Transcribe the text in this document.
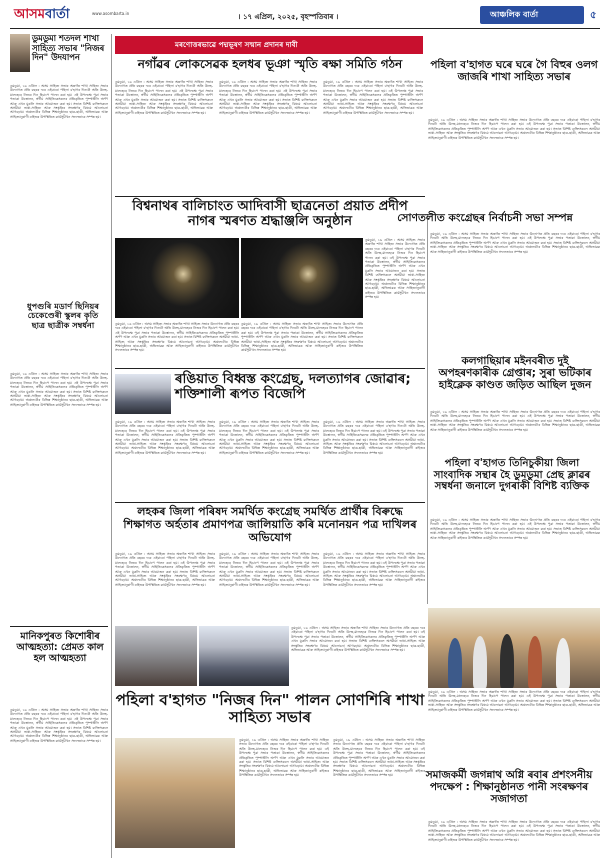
আসমবাৰ্তা	www.asombarta.in	। ১৭ এপ্ৰিল, ২০২৫, বৃহস্পতিবাৰ ।	আঞ্চলিক বাৰ্তা	৫
ডুমডুমা শতদল শাখা সাহিত্য সভাৰ "নিজৰ দিন" উদযাপন
ডুমডুমা, ১৬ এপ্ৰিল : অসম সাহিত্য সভাৰ অন্তৰ্গত শাখা সাহিত্য সভাৰ উদ্যোগত প্ৰতি বছৰৰ দৰে এইবাৰো পহিলা ব'হাগৰ দিনটো অতি উলহ-মালহেৰে নিজৰ দিন হিচাপে পালন কৰা হয়। এই উপলক্ষে পুৱা সভাৰ পতাকা উত্তোলন, স্বৰ্গীয় সাহিত্যিকসকলৰ প্ৰতিকৃতিত পুষ্পাঞ্জলি অৰ্পণ আৰু এখন মুকলি সভাৰ আয়োজন কৰা হয়। সভাত বিশিষ্ট ব্যক্তিসকলে অসমীয়া ভাষা-সাহিত্য আৰু সংস্কৃতিৰ সংৰক্ষণৰ বিষয়ে আলোচনা আগবঢ়ায়। অঞ্চলটোৰ বিভিন্ন শিক্ষানুষ্ঠানৰ ছাত্ৰ-ছাত্ৰী, অভিভাৱক আৰু সাহিত্যানুৰাগী ৰাইজৰ উপস্থিতিত কাৰ্যসূচীখন সফলতাৰে সম্পন্ন হয়।
ধুপগুৰি মডাৰ্ণ ছিনিয়ৰ চেকেণ্ডেৰী স্কুলৰ কৃতি ছাত্ৰ ছাত্ৰীক সম্বৰ্ধনা
ডুমডুমা, ১৬ এপ্ৰিল : অসম সাহিত্য সভাৰ অন্তৰ্গত শাখা সাহিত্য সভাৰ উদ্যোগত প্ৰতি বছৰৰ দৰে এইবাৰো পহিলা ব'হাগৰ দিনটো অতি উলহ-মালহেৰে নিজৰ দিন হিচাপে পালন কৰা হয়। এই উপলক্ষে পুৱা সভাৰ পতাকা উত্তোলন, স্বৰ্গীয় সাহিত্যিকসকলৰ প্ৰতিকৃতিত পুষ্পাঞ্জলি অৰ্পণ আৰু এখন মুকলি সভাৰ আয়োজন কৰা হয়। সভাত বিশিষ্ট ব্যক্তিসকলে অসমীয়া ভাষা-সাহিত্য আৰু সংস্কৃতিৰ সংৰক্ষণৰ বিষয়ে আলোচনা আগবঢ়ায়। অঞ্চলটোৰ বিভিন্ন শিক্ষানুষ্ঠানৰ ছাত্ৰ-ছাত্ৰী, অভিভাৱক আৰু সাহিত্যানুৰাগী ৰাইজৰ উপস্থিতিত কাৰ্যসূচীখন সফলতাৰে সম্পন্ন হয়।
মানিকপুৰত কিশোৰীৰ আত্মহত্যা: প্ৰেমত কাল হল আত্মহত্যা
ডুমডুমা, ১৬ এপ্ৰিল : অসম সাহিত্য সভাৰ অন্তৰ্গত শাখা সাহিত্য সভাৰ উদ্যোগত প্ৰতি বছৰৰ দৰে এইবাৰো পহিলা ব'হাগৰ দিনটো অতি উলহ-মালহেৰে নিজৰ দিন হিচাপে পালন কৰা হয়। এই উপলক্ষে পুৱা সভাৰ পতাকা উত্তোলন, স্বৰ্গীয় সাহিত্যিকসকলৰ প্ৰতিকৃতিত পুষ্পাঞ্জলি অৰ্পণ আৰু এখন মুকলি সভাৰ আয়োজন কৰা হয়। সভাত বিশিষ্ট ব্যক্তিসকলে অসমীয়া ভাষা-সাহিত্য আৰু সংস্কৃতিৰ সংৰক্ষণৰ বিষয়ে আলোচনা আগবঢ়ায়। অঞ্চলটোৰ বিভিন্ন শিক্ষানুষ্ঠানৰ ছাত্ৰ-ছাত্ৰী, অভিভাৱক আৰু সাহিত্যানুৰাগী ৰাইজৰ উপস্থিতিত কাৰ্যসূচীখন সফলতাৰে সম্পন্ন হয়।
মৰণোত্তৰভাৱে পদ্মভূষণ সন্মান প্ৰদানৰ দাবী
নগাঁৱৰ লোকসেৱক হলধৰ ভূঞা স্মৃতি ৰক্ষা সমিতি গঠন
ডুমডুমা, ১৬ এপ্ৰিল : অসম সাহিত্য সভাৰ অন্তৰ্গত শাখা সাহিত্য সভাৰ উদ্যোগত প্ৰতি বছৰৰ দৰে এইবাৰো পহিলা ব'হাগৰ দিনটো অতি উলহ-মালহেৰে নিজৰ দিন হিচাপে পালন কৰা হয়। এই উপলক্ষে পুৱা সভাৰ পতাকা উত্তোলন, স্বৰ্গীয় সাহিত্যিকসকলৰ প্ৰতিকৃতিত পুষ্পাঞ্জলি অৰ্পণ আৰু এখন মুকলি সভাৰ আয়োজন কৰা হয়। সভাত বিশিষ্ট ব্যক্তিসকলে অসমীয়া ভাষা-সাহিত্য আৰু সংস্কৃতিৰ সংৰক্ষণৰ বিষয়ে আলোচনা আগবঢ়ায়। অঞ্চলটোৰ বিভিন্ন শিক্ষানুষ্ঠানৰ ছাত্ৰ-ছাত্ৰী, অভিভাৱক আৰু সাহিত্যানুৰাগী ৰাইজৰ উপস্থিতিত কাৰ্যসূচীখন সফলতাৰে সম্পন্ন হয়।
ডুমডুমা, ১৬ এপ্ৰিল : অসম সাহিত্য সভাৰ অন্তৰ্গত শাখা সাহিত্য সভাৰ উদ্যোগত প্ৰতি বছৰৰ দৰে এইবাৰো পহিলা ব'হাগৰ দিনটো অতি উলহ-মালহেৰে নিজৰ দিন হিচাপে পালন কৰা হয়। এই উপলক্ষে পুৱা সভাৰ পতাকা উত্তোলন, স্বৰ্গীয় সাহিত্যিকসকলৰ প্ৰতিকৃতিত পুষ্পাঞ্জলি অৰ্পণ আৰু এখন মুকলি সভাৰ আয়োজন কৰা হয়। সভাত বিশিষ্ট ব্যক্তিসকলে অসমীয়া ভাষা-সাহিত্য আৰু সংস্কৃতিৰ সংৰক্ষণৰ বিষয়ে আলোচনা আগবঢ়ায়। অঞ্চলটোৰ বিভিন্ন শিক্ষানুষ্ঠানৰ ছাত্ৰ-ছাত্ৰী, অভিভাৱক আৰু সাহিত্যানুৰাগী ৰাইজৰ উপস্থিতিত কাৰ্যসূচীখন সফলতাৰে সম্পন্ন হয়।
ডুমডুমা, ১৬ এপ্ৰিল : অসম সাহিত্য সভাৰ অন্তৰ্গত শাখা সাহিত্য সভাৰ উদ্যোগত প্ৰতি বছৰৰ দৰে এইবাৰো পহিলা ব'হাগৰ দিনটো অতি উলহ-মালহেৰে নিজৰ দিন হিচাপে পালন কৰা হয়। এই উপলক্ষে পুৱা সভাৰ পতাকা উত্তোলন, স্বৰ্গীয় সাহিত্যিকসকলৰ প্ৰতিকৃতিত পুষ্পাঞ্জলি অৰ্পণ আৰু এখন মুকলি সভাৰ আয়োজন কৰা হয়। সভাত বিশিষ্ট ব্যক্তিসকলে অসমীয়া ভাষা-সাহিত্য আৰু সংস্কৃতিৰ সংৰক্ষণৰ বিষয়ে আলোচনা আগবঢ়ায়। অঞ্চলটোৰ বিভিন্ন শিক্ষানুষ্ঠানৰ ছাত্ৰ-ছাত্ৰী, অভিভাৱক আৰু সাহিত্যানুৰাগী ৰাইজৰ উপস্থিতিত কাৰ্যসূচীখন সফলতাৰে সম্পন্ন হয়।
পহিলা ব'হাগত ঘৰে ঘৰে গৈ বিহুৰ ওলগ জাজৰি শাখা সাহিত্য সভাৰ
ডুমডুমা, ১৬ এপ্ৰিল : অসম সাহিত্য সভাৰ অন্তৰ্গত শাখা সাহিত্য সভাৰ উদ্যোগত প্ৰতি বছৰৰ দৰে এইবাৰো পহিলা ব'হাগৰ দিনটো অতি উলহ-মালহেৰে নিজৰ দিন হিচাপে পালন কৰা হয়। এই উপলক্ষে পুৱা সভাৰ পতাকা উত্তোলন, স্বৰ্গীয় সাহিত্যিকসকলৰ প্ৰতিকৃতিত পুষ্পাঞ্জলি অৰ্পণ আৰু এখন মুকলি সভাৰ আয়োজন কৰা হয়। সভাত বিশিষ্ট ব্যক্তিসকলে অসমীয়া ভাষা-সাহিত্য আৰু সংস্কৃতিৰ সংৰক্ষণৰ বিষয়ে আলোচনা আগবঢ়ায়। অঞ্চলটোৰ বিভিন্ন শিক্ষানুষ্ঠানৰ ছাত্ৰ-ছাত্ৰী, অভিভাৱক আৰু সাহিত্যানুৰাগী ৰাইজৰ উপস্থিতিত কাৰ্যসূচীখন সফলতাৰে সম্পন্ন হয়।
বিশ্বনাথৰ বালিচাংত আদিবাসী ছাত্ৰনেতা প্ৰয়াত প্ৰদীপ নাগৰ স্মৰণত শ্ৰদ্ধাঞ্জলি অনুষ্ঠান
ডুমডুমা, ১৬ এপ্ৰিল : অসম সাহিত্য সভাৰ অন্তৰ্গত শাখা সাহিত্য সভাৰ উদ্যোগত প্ৰতি বছৰৰ দৰে এইবাৰো পহিলা ব'হাগৰ দিনটো অতি উলহ-মালহেৰে নিজৰ দিন হিচাপে পালন কৰা হয়। এই উপলক্ষে পুৱা সভাৰ পতাকা উত্তোলন, স্বৰ্গীয় সাহিত্যিকসকলৰ প্ৰতিকৃতিত পুষ্পাঞ্জলি অৰ্পণ আৰু এখন মুকলি সভাৰ আয়োজন কৰা হয়। সভাত বিশিষ্ট ব্যক্তিসকলে অসমীয়া ভাষা-সাহিত্য আৰু সংস্কৃতিৰ সংৰক্ষণৰ বিষয়ে আলোচনা আগবঢ়ায়। অঞ্চলটোৰ বিভিন্ন শিক্ষানুষ্ঠানৰ ছাত্ৰ-ছাত্ৰী, অভিভাৱক আৰু সাহিত্যানুৰাগী ৰাইজৰ উপস্থিতিত কাৰ্যসূচীখন সফলতাৰে সম্পন্ন হয়।
ডুমডুমা, ১৬ এপ্ৰিল : অসম সাহিত্য সভাৰ অন্তৰ্গত শাখা সাহিত্য সভাৰ উদ্যোগত প্ৰতি বছৰৰ দৰে এইবাৰো পহিলা ব'হাগৰ দিনটো অতি উলহ-মালহেৰে নিজৰ দিন হিচাপে পালন কৰা হয়। এই উপলক্ষে পুৱা সভাৰ পতাকা উত্তোলন, স্বৰ্গীয় সাহিত্যিকসকলৰ প্ৰতিকৃতিত পুষ্পাঞ্জলি অৰ্পণ আৰু এখন মুকলি সভাৰ আয়োজন কৰা হয়। সভাত বিশিষ্ট ব্যক্তিসকলে অসমীয়া ভাষা-সাহিত্য আৰু সংস্কৃতিৰ সংৰক্ষণৰ বিষয়ে আলোচনা আগবঢ়ায়। অঞ্চলটোৰ বিভিন্ন শিক্ষানুষ্ঠানৰ ছাত্ৰ-ছাত্ৰী, অভিভাৱক আৰু সাহিত্যানুৰাগী ৰাইজৰ উপস্থিতিত কাৰ্যসূচীখন সফলতাৰে সম্পন্ন হয়।
ডুমডুমা, ১৬ এপ্ৰিল : অসম সাহিত্য সভাৰ অন্তৰ্গত শাখা সাহিত্য সভাৰ উদ্যোগত প্ৰতি বছৰৰ দৰে এইবাৰো পহিলা ব'হাগৰ দিনটো অতি উলহ-মালহেৰে নিজৰ দিন হিচাপে পালন কৰা হয়। এই উপলক্ষে পুৱা সভাৰ পতাকা উত্তোলন, স্বৰ্গীয় সাহিত্যিকসকলৰ প্ৰতিকৃতিত পুষ্পাঞ্জলি অৰ্পণ আৰু এখন মুকলি সভাৰ আয়োজন কৰা হয়। সভাত বিশিষ্ট ব্যক্তিসকলে অসমীয়া ভাষা-সাহিত্য আৰু সংস্কৃতিৰ সংৰক্ষণৰ বিষয়ে আলোচনা আগবঢ়ায়। অঞ্চলটোৰ বিভিন্ন শিক্ষানুষ্ঠানৰ ছাত্ৰ-ছাত্ৰী, অভিভাৱক আৰু সাহিত্যানুৰাগী ৰাইজৰ উপস্থিতিত কাৰ্যসূচীখন সফলতাৰে সম্পন্ন হয়।
সোণতলীত কংগ্ৰেছৰ নিৰ্বাচনী সভা সম্পন্ন
ডুমডুমা, ১৬ এপ্ৰিল : অসম সাহিত্য সভাৰ অন্তৰ্গত শাখা সাহিত্য সভাৰ উদ্যোগত প্ৰতি বছৰৰ দৰে এইবাৰো পহিলা ব'হাগৰ দিনটো অতি উলহ-মালহেৰে নিজৰ দিন হিচাপে পালন কৰা হয়। এই উপলক্ষে পুৱা সভাৰ পতাকা উত্তোলন, স্বৰ্গীয় সাহিত্যিকসকলৰ প্ৰতিকৃতিত পুষ্পাঞ্জলি অৰ্পণ আৰু এখন মুকলি সভাৰ আয়োজন কৰা হয়। সভাত বিশিষ্ট ব্যক্তিসকলে অসমীয়া ভাষা-সাহিত্য আৰু সংস্কৃতিৰ সংৰক্ষণৰ বিষয়ে আলোচনা আগবঢ়ায়। অঞ্চলটোৰ বিভিন্ন শিক্ষানুষ্ঠানৰ ছাত্ৰ-ছাত্ৰী, অভিভাৱক আৰু সাহিত্যানুৰাগী ৰাইজৰ উপস্থিতিত কাৰ্যসূচীখন সফলতাৰে সম্পন্ন হয়।
কলগাছিয়াৰ মইনবৰীত দুই অপহৰণকাৰীক গ্ৰেপ্তাৰ; সুৰা ভটিকাৰ হাইক্লেক কাণ্ডত জড়িত আছিল দুজন
ডুমডুমা, ১৬ এপ্ৰিল : অসম সাহিত্য সভাৰ অন্তৰ্গত শাখা সাহিত্য সভাৰ উদ্যোগত প্ৰতি বছৰৰ দৰে এইবাৰো পহিলা ব'হাগৰ দিনটো অতি উলহ-মালহেৰে নিজৰ দিন হিচাপে পালন কৰা হয়। এই উপলক্ষে পুৱা সভাৰ পতাকা উত্তোলন, স্বৰ্গীয় সাহিত্যিকসকলৰ প্ৰতিকৃতিত পুষ্পাঞ্জলি অৰ্পণ আৰু এখন মুকলি সভাৰ আয়োজন কৰা হয়। সভাত বিশিষ্ট ব্যক্তিসকলে অসমীয়া ভাষা-সাহিত্য আৰু সংস্কৃতিৰ সংৰক্ষণৰ বিষয়ে আলোচনা আগবঢ়ায়। অঞ্চলটোৰ বিভিন্ন শিক্ষানুষ্ঠানৰ ছাত্ৰ-ছাত্ৰী, অভিভাৱক আৰু সাহিত্যানুৰাগী ৰাইজৰ উপস্থিতিত কাৰ্যসূচীখন সফলতাৰে সম্পন্ন হয়।
ৰঙিয়াত বিধ্বস্ত কংগ্ৰেছ, দলত্যাগৰ জোৱাৰ; শক্তিশালী ৰূপত বিজেপি
ডুমডুমা, ১৬ এপ্ৰিল : অসম সাহিত্য সভাৰ অন্তৰ্গত শাখা সাহিত্য সভাৰ উদ্যোগত প্ৰতি বছৰৰ দৰে এইবাৰো পহিলা ব'হাগৰ দিনটো অতি উলহ-মালহেৰে নিজৰ দিন হিচাপে পালন কৰা হয়। এই উপলক্ষে পুৱা সভাৰ পতাকা উত্তোলন, স্বৰ্গীয় সাহিত্যিকসকলৰ প্ৰতিকৃতিত পুষ্পাঞ্জলি অৰ্পণ আৰু এখন মুকলি সভাৰ আয়োজন কৰা হয়। সভাত বিশিষ্ট ব্যক্তিসকলে অসমীয়া ভাষা-সাহিত্য আৰু সংস্কৃতিৰ সংৰক্ষণৰ বিষয়ে আলোচনা আগবঢ়ায়। অঞ্চলটোৰ বিভিন্ন শিক্ষানুষ্ঠানৰ ছাত্ৰ-ছাত্ৰী, অভিভাৱক আৰু সাহিত্যানুৰাগী ৰাইজৰ উপস্থিতিত কাৰ্যসূচীখন সফলতাৰে সম্পন্ন হয়।
ডুমডুমা, ১৬ এপ্ৰিল : অসম সাহিত্য সভাৰ অন্তৰ্গত শাখা সাহিত্য সভাৰ উদ্যোগত প্ৰতি বছৰৰ দৰে এইবাৰো পহিলা ব'হাগৰ দিনটো অতি উলহ-মালহেৰে নিজৰ দিন হিচাপে পালন কৰা হয়। এই উপলক্ষে পুৱা সভাৰ পতাকা উত্তোলন, স্বৰ্গীয় সাহিত্যিকসকলৰ প্ৰতিকৃতিত পুষ্পাঞ্জলি অৰ্পণ আৰু এখন মুকলি সভাৰ আয়োজন কৰা হয়। সভাত বিশিষ্ট ব্যক্তিসকলে অসমীয়া ভাষা-সাহিত্য আৰু সংস্কৃতিৰ সংৰক্ষণৰ বিষয়ে আলোচনা আগবঢ়ায়। অঞ্চলটোৰ বিভিন্ন শিক্ষানুষ্ঠানৰ ছাত্ৰ-ছাত্ৰী, অভিভাৱক আৰু সাহিত্যানুৰাগী ৰাইজৰ উপস্থিতিত কাৰ্যসূচীখন সফলতাৰে সম্পন্ন হয়।
ডুমডুমা, ১৬ এপ্ৰিল : অসম সাহিত্য সভাৰ অন্তৰ্গত শাখা সাহিত্য সভাৰ উদ্যোগত প্ৰতি বছৰৰ দৰে এইবাৰো পহিলা ব'হাগৰ দিনটো অতি উলহ-মালহেৰে নিজৰ দিন হিচাপে পালন কৰা হয়। এই উপলক্ষে পুৱা সভাৰ পতাকা উত্তোলন, স্বৰ্গীয় সাহিত্যিকসকলৰ প্ৰতিকৃতিত পুষ্পাঞ্জলি অৰ্পণ আৰু এখন মুকলি সভাৰ আয়োজন কৰা হয়। সভাত বিশিষ্ট ব্যক্তিসকলে অসমীয়া ভাষা-সাহিত্য আৰু সংস্কৃতিৰ সংৰক্ষণৰ বিষয়ে আলোচনা আগবঢ়ায়। অঞ্চলটোৰ বিভিন্ন শিক্ষানুষ্ঠানৰ ছাত্ৰ-ছাত্ৰী, অভিভাৱক আৰু সাহিত্যানুৰাগী ৰাইজৰ উপস্থিতিত কাৰ্যসূচীখন সফলতাৰে সম্পন্ন হয়।
পহিলা ব'হাগত তিনিচুকীয়া জিলা সাংবাদিক সন্থাৰ হৈ ডুমডুমা প্ৰেছ ক্লাৱৰ সম্বৰ্ধনা জনালে দুগৰাকী বিশিষ্ট ব্যক্তিক
ডুমডুমা, ১৬ এপ্ৰিল : অসম সাহিত্য সভাৰ অন্তৰ্গত শাখা সাহিত্য সভাৰ উদ্যোগত প্ৰতি বছৰৰ দৰে এইবাৰো পহিলা ব'হাগৰ দিনটো অতি উলহ-মালহেৰে নিজৰ দিন হিচাপে পালন কৰা হয়। এই উপলক্ষে পুৱা সভাৰ পতাকা উত্তোলন, স্বৰ্গীয় সাহিত্যিকসকলৰ প্ৰতিকৃতিত পুষ্পাঞ্জলি অৰ্পণ আৰু এখন মুকলি সভাৰ আয়োজন কৰা হয়। সভাত বিশিষ্ট ব্যক্তিসকলে অসমীয়া ভাষা-সাহিত্য আৰু সংস্কৃতিৰ সংৰক্ষণৰ বিষয়ে আলোচনা আগবঢ়ায়। অঞ্চলটোৰ বিভিন্ন শিক্ষানুষ্ঠানৰ ছাত্ৰ-ছাত্ৰী, অভিভাৱক আৰু সাহিত্যানুৰাগী ৰাইজৰ উপস্থিতিত কাৰ্যসূচীখন সফলতাৰে সম্পন্ন হয়।
লহকৰ জিলা পৰিষদ সমৰ্থিত কংগ্ৰেছ সমৰ্থিত প্ৰাৰ্থীৰ বিৰুদ্ধে শিক্ষাগত অৰ্হতাৰ প্ৰমাণপত্ৰ জালিয়াতি কৰি মনোনয়ন পত্ৰ দাখিলৰ অভিযোগ
ডুমডুমা, ১৬ এপ্ৰিল : অসম সাহিত্য সভাৰ অন্তৰ্গত শাখা সাহিত্য সভাৰ উদ্যোগত প্ৰতি বছৰৰ দৰে এইবাৰো পহিলা ব'হাগৰ দিনটো অতি উলহ-মালহেৰে নিজৰ দিন হিচাপে পালন কৰা হয়। এই উপলক্ষে পুৱা সভাৰ পতাকা উত্তোলন, স্বৰ্গীয় সাহিত্যিকসকলৰ প্ৰতিকৃতিত পুষ্পাঞ্জলি অৰ্পণ আৰু এখন মুকলি সভাৰ আয়োজন কৰা হয়। সভাত বিশিষ্ট ব্যক্তিসকলে অসমীয়া ভাষা-সাহিত্য আৰু সংস্কৃতিৰ সংৰক্ষণৰ বিষয়ে আলোচনা আগবঢ়ায়। অঞ্চলটোৰ বিভিন্ন শিক্ষানুষ্ঠানৰ ছাত্ৰ-ছাত্ৰী, অভিভাৱক আৰু সাহিত্যানুৰাগী ৰাইজৰ উপস্থিতিত কাৰ্যসূচীখন সফলতাৰে সম্পন্ন হয়।
ডুমডুমা, ১৬ এপ্ৰিল : অসম সাহিত্য সভাৰ অন্তৰ্গত শাখা সাহিত্য সভাৰ উদ্যোগত প্ৰতি বছৰৰ দৰে এইবাৰো পহিলা ব'হাগৰ দিনটো অতি উলহ-মালহেৰে নিজৰ দিন হিচাপে পালন কৰা হয়। এই উপলক্ষে পুৱা সভাৰ পতাকা উত্তোলন, স্বৰ্গীয় সাহিত্যিকসকলৰ প্ৰতিকৃতিত পুষ্পাঞ্জলি অৰ্পণ আৰু এখন মুকলি সভাৰ আয়োজন কৰা হয়। সভাত বিশিষ্ট ব্যক্তিসকলে অসমীয়া ভাষা-সাহিত্য আৰু সংস্কৃতিৰ সংৰক্ষণৰ বিষয়ে আলোচনা আগবঢ়ায়। অঞ্চলটোৰ বিভিন্ন শিক্ষানুষ্ঠানৰ ছাত্ৰ-ছাত্ৰী, অভিভাৱক আৰু সাহিত্যানুৰাগী ৰাইজৰ উপস্থিতিত কাৰ্যসূচীখন সফলতাৰে সম্পন্ন হয়।
ডুমডুমা, ১৬ এপ্ৰিল : অসম সাহিত্য সভাৰ অন্তৰ্গত শাখা সাহিত্য সভাৰ উদ্যোগত প্ৰতি বছৰৰ দৰে এইবাৰো পহিলা ব'হাগৰ দিনটো অতি উলহ-মালহেৰে নিজৰ দিন হিচাপে পালন কৰা হয়। এই উপলক্ষে পুৱা সভাৰ পতাকা উত্তোলন, স্বৰ্গীয় সাহিত্যিকসকলৰ প্ৰতিকৃতিত পুষ্পাঞ্জলি অৰ্পণ আৰু এখন মুকলি সভাৰ আয়োজন কৰা হয়। সভাত বিশিষ্ট ব্যক্তিসকলে অসমীয়া ভাষা-সাহিত্য আৰু সংস্কৃতিৰ সংৰক্ষণৰ বিষয়ে আলোচনা আগবঢ়ায়। অঞ্চলটোৰ বিভিন্ন শিক্ষানুষ্ঠানৰ ছাত্ৰ-ছাত্ৰী, অভিভাৱক আৰু সাহিত্যানুৰাগী ৰাইজৰ উপস্থিতিত কাৰ্যসূচীখন সফলতাৰে সম্পন্ন হয়।
ডুমডুমা, ১৬ এপ্ৰিল : অসম সাহিত্য সভাৰ অন্তৰ্গত শাখা সাহিত্য সভাৰ উদ্যোগত প্ৰতি বছৰৰ দৰে এইবাৰো পহিলা ব'হাগৰ দিনটো অতি উলহ-মালহেৰে নিজৰ দিন হিচাপে পালন কৰা হয়। এই উপলক্ষে পুৱা সভাৰ পতাকা উত্তোলন, স্বৰ্গীয় সাহিত্যিকসকলৰ প্ৰতিকৃতিত পুষ্পাঞ্জলি অৰ্পণ আৰু এখন মুকলি সভাৰ আয়োজন কৰা হয়। সভাত বিশিষ্ট ব্যক্তিসকলে অসমীয়া ভাষা-সাহিত্য আৰু সংস্কৃতিৰ সংৰক্ষণৰ বিষয়ে আলোচনা আগবঢ়ায়। অঞ্চলটোৰ বিভিন্ন শিক্ষানুষ্ঠানৰ ছাত্ৰ-ছাত্ৰী, অভিভাৱক আৰু সাহিত্যানুৰাগী ৰাইজৰ উপস্থিতিত কাৰ্যসূচীখন সফলতাৰে সম্পন্ন হয়।
ডুমডুমা, ১৬ এপ্ৰিল : অসম সাহিত্য সভাৰ অন্তৰ্গত শাখা সাহিত্য সভাৰ উদ্যোগত প্ৰতি বছৰৰ দৰে এইবাৰো পহিলা ব'হাগৰ দিনটো অতি উলহ-মালহেৰে নিজৰ দিন হিচাপে পালন কৰা হয়। এই উপলক্ষে পুৱা সভাৰ পতাকা উত্তোলন, স্বৰ্গীয় সাহিত্যিকসকলৰ প্ৰতিকৃতিত পুষ্পাঞ্জলি অৰ্পণ আৰু এখন মুকলি সভাৰ আয়োজন কৰা হয়। সভাত বিশিষ্ট ব্যক্তিসকলে অসমীয়া ভাষা-সাহিত্য আৰু সংস্কৃতিৰ সংৰক্ষণৰ বিষয়ে আলোচনা আগবঢ়ায়। অঞ্চলটোৰ বিভিন্ন শিক্ষানুষ্ঠানৰ ছাত্ৰ-ছাত্ৰী, অভিভাৱক আৰু সাহিত্যানুৰাগী ৰাইজৰ উপস্থিতিত কাৰ্যসূচীখন সফলতাৰে সম্পন্ন হয়।
পহিলা ব'হাগত "নিজৰ দিন" পালন সোণশিৰি শাখা সাহিত্য সভাৰ
ডুমডুমা, ১৬ এপ্ৰিল : অসম সাহিত্য সভাৰ অন্তৰ্গত শাখা সাহিত্য সভাৰ উদ্যোগত প্ৰতি বছৰৰ দৰে এইবাৰো পহিলা ব'হাগৰ দিনটো অতি উলহ-মালহেৰে নিজৰ দিন হিচাপে পালন কৰা হয়। এই উপলক্ষে পুৱা সভাৰ পতাকা উত্তোলন, স্বৰ্গীয় সাহিত্যিকসকলৰ প্ৰতিকৃতিত পুষ্পাঞ্জলি অৰ্পণ আৰু এখন মুকলি সভাৰ আয়োজন কৰা হয়। সভাত বিশিষ্ট ব্যক্তিসকলে অসমীয়া ভাষা-সাহিত্য আৰু সংস্কৃতিৰ সংৰক্ষণৰ বিষয়ে আলোচনা আগবঢ়ায়। অঞ্চলটোৰ বিভিন্ন শিক্ষানুষ্ঠানৰ ছাত্ৰ-ছাত্ৰী, অভিভাৱক আৰু সাহিত্যানুৰাগী ৰাইজৰ উপস্থিতিত কাৰ্যসূচীখন সফলতাৰে সম্পন্ন হয়।
ডুমডুমা, ১৬ এপ্ৰিল : অসম সাহিত্য সভাৰ অন্তৰ্গত শাখা সাহিত্য সভাৰ উদ্যোগত প্ৰতি বছৰৰ দৰে এইবাৰো পহিলা ব'হাগৰ দিনটো অতি উলহ-মালহেৰে নিজৰ দিন হিচাপে পালন কৰা হয়। এই উপলক্ষে পুৱা সভাৰ পতাকা উত্তোলন, স্বৰ্গীয় সাহিত্যিকসকলৰ প্ৰতিকৃতিত পুষ্পাঞ্জলি অৰ্পণ আৰু এখন মুকলি সভাৰ আয়োজন কৰা হয়। সভাত বিশিষ্ট ব্যক্তিসকলে অসমীয়া ভাষা-সাহিত্য আৰু সংস্কৃতিৰ সংৰক্ষণৰ বিষয়ে আলোচনা আগবঢ়ায়। অঞ্চলটোৰ বিভিন্ন শিক্ষানুষ্ঠানৰ ছাত্ৰ-ছাত্ৰী, অভিভাৱক আৰু সাহিত্যানুৰাগী ৰাইজৰ উপস্থিতিত কাৰ্যসূচীখন সফলতাৰে সম্পন্ন হয়।	সমাজকৰ্মী জগন্নাথ অগ্নি ৰবাৰ প্ৰশংসনীয় পদক্ষেপ : শিক্ষানুষ্ঠানত পানী সংৰক্ষণৰ সজাগতা
ডুমডুমা, ১৬ এপ্ৰিল : অসম সাহিত্য সভাৰ অন্তৰ্গত শাখা সাহিত্য সভাৰ উদ্যোগত প্ৰতি বছৰৰ দৰে এইবাৰো পহিলা ব'হাগৰ দিনটো অতি উলহ-মালহেৰে নিজৰ দিন হিচাপে পালন কৰা হয়। এই উপলক্ষে পুৱা সভাৰ পতাকা উত্তোলন, স্বৰ্গীয় সাহিত্যিকসকলৰ প্ৰতিকৃতিত পুষ্পাঞ্জলি অৰ্পণ আৰু এখন মুকলি সভাৰ আয়োজন কৰা হয়। সভাত বিশিষ্ট ব্যক্তিসকলে অসমীয়া ভাষা-সাহিত্য আৰু সংস্কৃতিৰ সংৰক্ষণৰ বিষয়ে আলোচনা আগবঢ়ায়। অঞ্চলটোৰ বিভিন্ন শিক্ষানুষ্ঠানৰ ছাত্ৰ-ছাত্ৰী, অভিভাৱক আৰু সাহিত্যানুৰাগী ৰাইজৰ উপস্থিতিত কাৰ্যসূচীখন সফলতাৰে সম্পন্ন হয়।
